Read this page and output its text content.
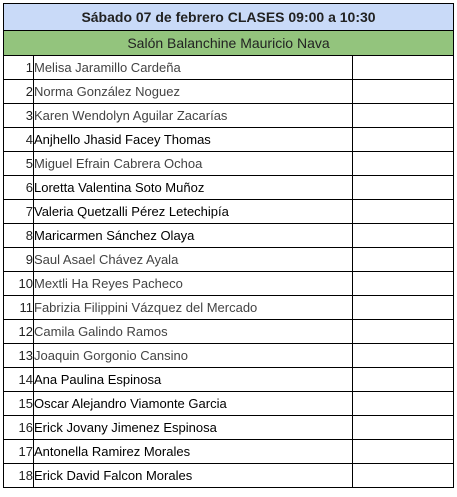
Sábado 07 de febrero CLASES 09:00 a 10:30		
Salón Balanchine Mauricio Nava		
1	Melisa Jaramillo Cardeña	
2	Norma González Noguez	
3	Karen Wendolyn Aguilar Zacarías	
4	Anjhello Jhasid Facey Thomas	
5	Miguel Efrain Cabrera Ochoa	
6	Loretta Valentina Soto Muñoz	
7	Valeria Quetzalli Pérez Letechipía	
8	Maricarmen Sánchez Olaya	
9	Saul Asael Chávez Ayala	
10	Mextli Ha Reyes Pacheco	
11	Fabrizia Filippini Vázquez del Mercado	
12	Camila Galindo Ramos	
13	Joaquin Gorgonio Cansino	
14	Ana Paulina Espinosa	
15	Oscar Alejandro Viamonte Garcia	
16	Erick Jovany Jimenez Espinosa	
17	Antonella Ramirez Morales	
18	Erick David Falcon Morales	
